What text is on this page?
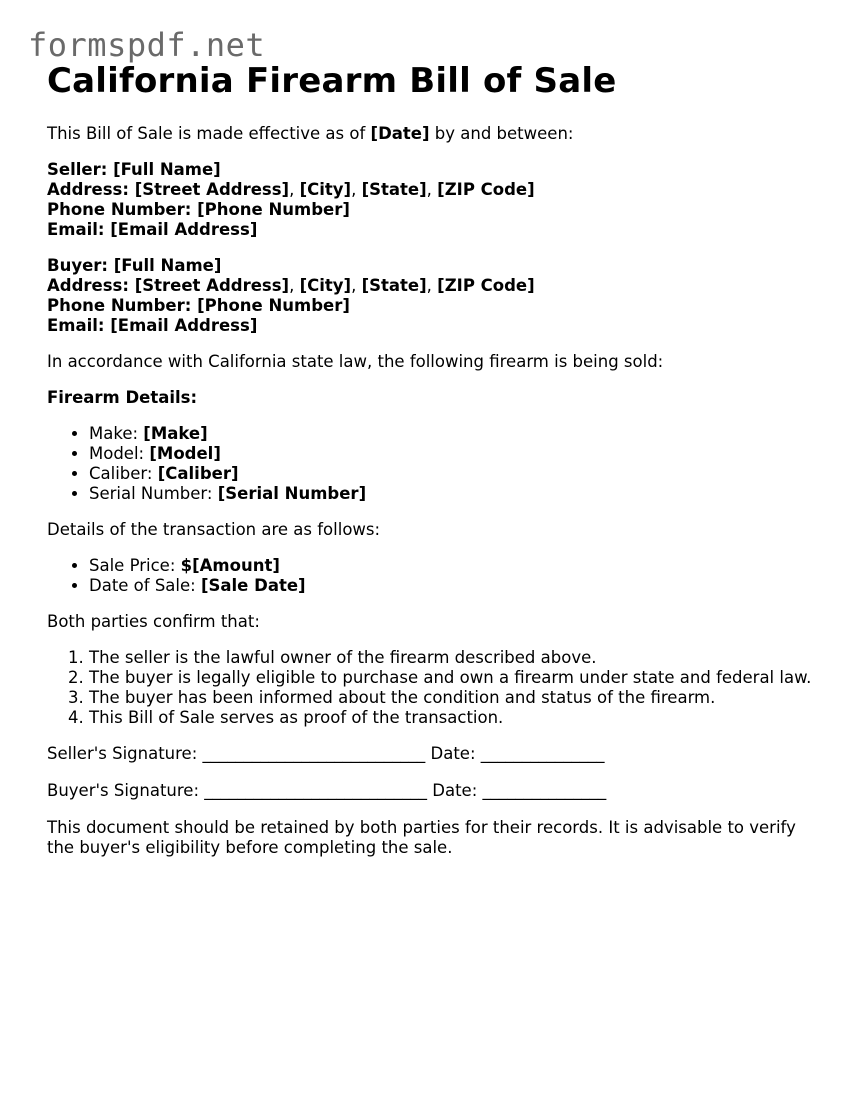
formspdf.net
California Firearm Bill of Sale

This Bill of Sale is made effective as of [Date] by and between:

Seller: [Full Name]
Address: [Street Address], [City], [State], [ZIP Code]
Phone Number: [Phone Number]
Email: [Email Address]
Buyer: [Full Name]
Address: [Street Address], [City], [State], [ZIP Code]
Phone Number: [Phone Number]
Email: [Email Address]

In accordance with California state law, the following firearm is being sold:

Firearm Details:

• Make: [Make]
• Model: [Model]
• Caliber: [Caliber]
• Serial Number: [Serial Number]

Details of the transaction are as follows:

• Sale Price: $[Amount]
• Date of Sale: [Sale Date]

Both parties confirm that:

1. The seller is the lawful owner of the firearm described above.
2. The buyer is legally eligible to purchase and own a firearm under state and federal law.
3. The buyer has been informed about the condition and status of the firearm.
4. This Bill of Sale serves as proof of the transaction.

Seller's Signature: ___________________________ Date: _______________

Buyer's Signature: ___________________________ Date: _______________

This document should be retained by both parties for their records. It is advisable to verify the buyer's eligibility before completing the sale.
